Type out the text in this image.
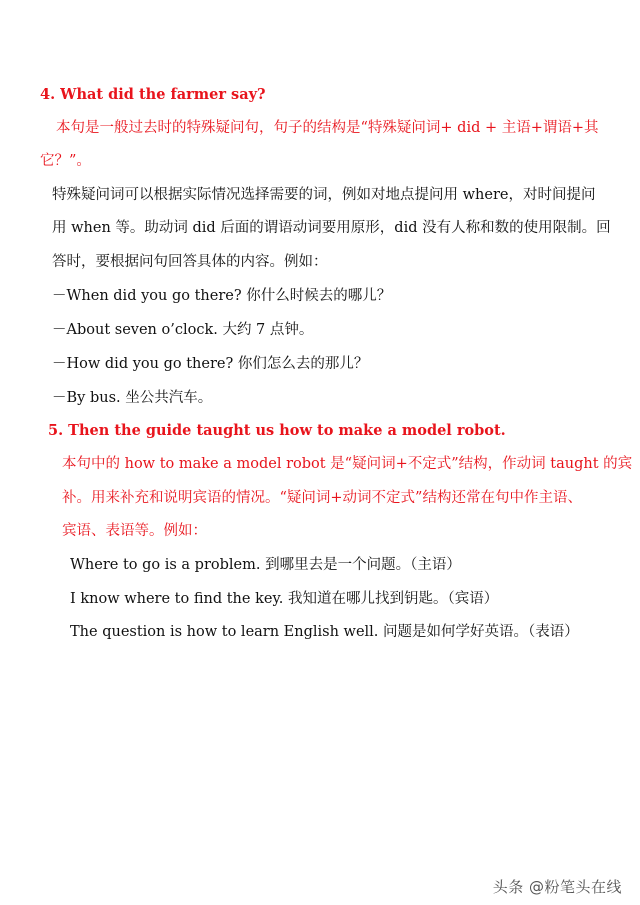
4. What did the farmer say?
本句是一般过去时的特殊疑问句，句子的结构是“特殊疑问词+ did + 主语+谓语+其
它？”。
特殊疑问词可以根据实际情况选择需要的词，例如对地点提问用 where，对时间提问
用 when 等。助动词 did 后面的谓语动词要用原形，did 没有人称和数的使用限制。回
答时，要根据问句回答具体的内容。例如：
－When did you go there? 你什么时候去的哪儿？
－About seven o’clock. 大约 7 点钟。
－How did you go there? 你们怎么去的那儿？
－By bus. 坐公共汽车。
5. Then the guide taught us how to make a model robot.
本句中的 how to make a model robot 是“疑问词+不定式”结构，作动词 taught 的宾
补。用来补充和说明宾语的情况。“疑问词+动词不定式”结构还常在句中作主语、
宾语、表语等。例如：
Where to go is a problem. 到哪里去是一个问题。（主语）
I know where to find the key. 我知道在哪儿找到钥匙。（宾语）
The question is how to learn English well. 问题是如何学好英语。（表语）
头条 @粉笔头在线
